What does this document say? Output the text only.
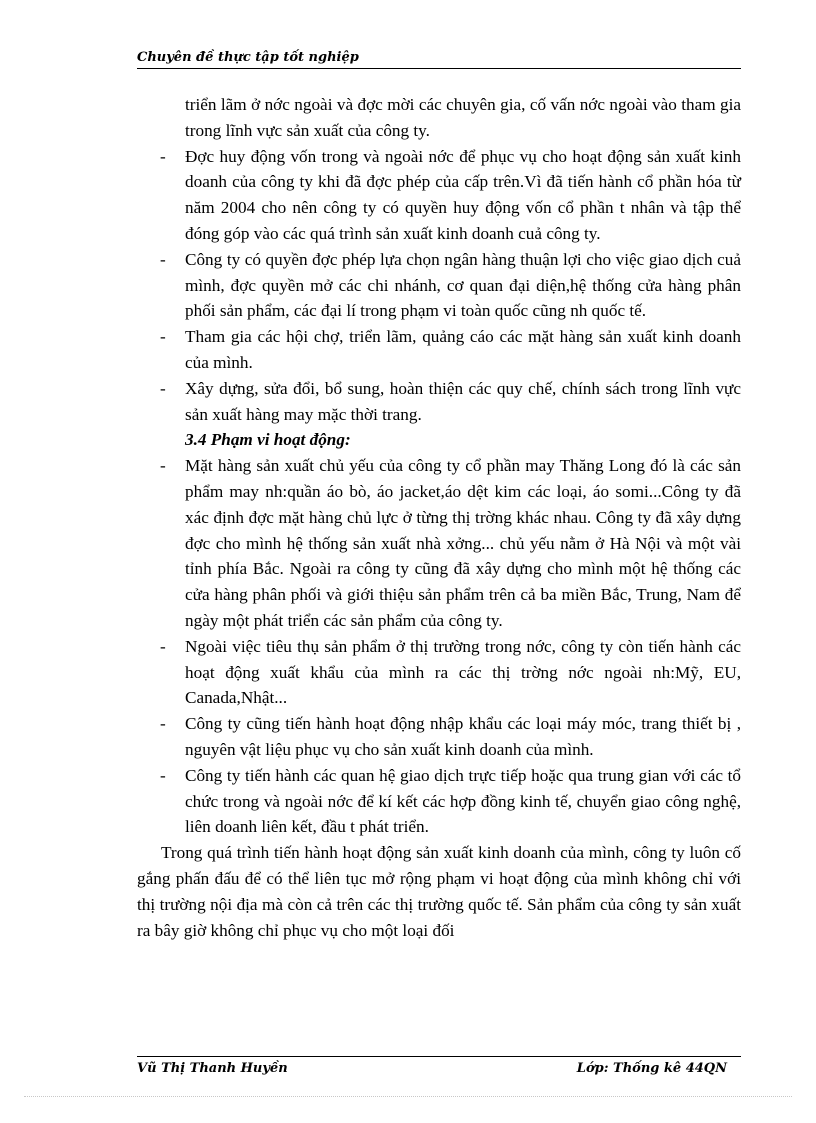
Chuyên đề thực tập tốt nghiệp

triển lãm ở nớc ngoài và đợc mời các chuyên gia, cố vấn nớc ngoài vào tham gia trong lĩnh vực sản xuất của công ty.

- Đợc huy động vốn trong và ngoài nớc để phục vụ cho hoạt động sản xuất kinh doanh của công ty khi đã đợc phép của cấp trên.Vì đã tiến hành cổ phần hóa từ năm 2004 cho nên công ty có quyền huy động vốn cổ phần t nhân và tập thể đóng góp vào các quá trình sản xuất kinh doanh cuả công ty.

- Công ty có quyền đợc phép lựa chọn ngân hàng thuận lợi cho việc giao dịch cuả mình, đợc quyền mở các chi nhánh, cơ quan đại diện,hệ thống cửa hàng phân phối sản phẩm, các đại lí trong phạm vi toàn quốc cũng nh quốc tế.

- Tham gia các hội chợ, triển lãm, quảng cáo các mặt hàng sản xuất kinh doanh của mình.

- Xây dựng, sửa đổi, bổ sung, hoàn thiện các quy chế, chính sách trong lĩnh vực sản xuất hàng may mặc thời trang.

3.4 Phạm vi hoạt động:

- Mặt hàng sản xuất chủ yếu của công ty cổ phần may Thăng Long đó là các sản phẩm may nh:quần áo bò, áo jacket,áo dệt kim các loại, áo somi...Công ty đã xác định đợc mặt hàng chủ lực ở từng thị trờng khác nhau. Công ty đã xây dựng đợc cho mình hệ thống sản xuất nhà xởng... chủ yếu nằm ở Hà Nội và một vài tỉnh phía Bắc. Ngoài ra công ty cũng đã xây dựng cho mình một hệ thống các cửa hàng phân phối và giới thiệu sản phẩm trên cả ba miền Bắc, Trung, Nam để ngày một phát triển các sản phẩm của công ty.

- Ngoài việc tiêu thụ sản phẩm ở thị trường trong nớc, công ty còn tiến hành các hoạt động xuất khẩu của mình ra các thị trờng nớc ngoài nh:Mỹ, EU, Canada,Nhật...

- Công ty cũng tiến hành hoạt động nhập khẩu các loại máy móc, trang thiết bị , nguyên vật liệu phục vụ cho sản xuất kinh doanh của mình.

- Công ty tiến hành các quan hệ giao dịch trực tiếp hoặc qua trung gian với các tổ chức trong và ngoài nớc để kí kết các hợp đồng kinh tế, chuyển giao công nghệ, liên doanh liên kết, đầu t phát triển.

Trong quá trình tiến hành hoạt động sản xuất kinh doanh của mình, công ty luôn cố gắng phấn đấu để có thể liên tục mở rộng phạm vi hoạt động của mình không chỉ với thị trường nội địa mà còn cả trên các thị trường quốc tế. Sản phẩm của công ty sản xuất ra bây giờ không chỉ phục vụ cho một loại đối

Vũ Thị Thanh Huyền	Lớp: Thống kê 44QN
